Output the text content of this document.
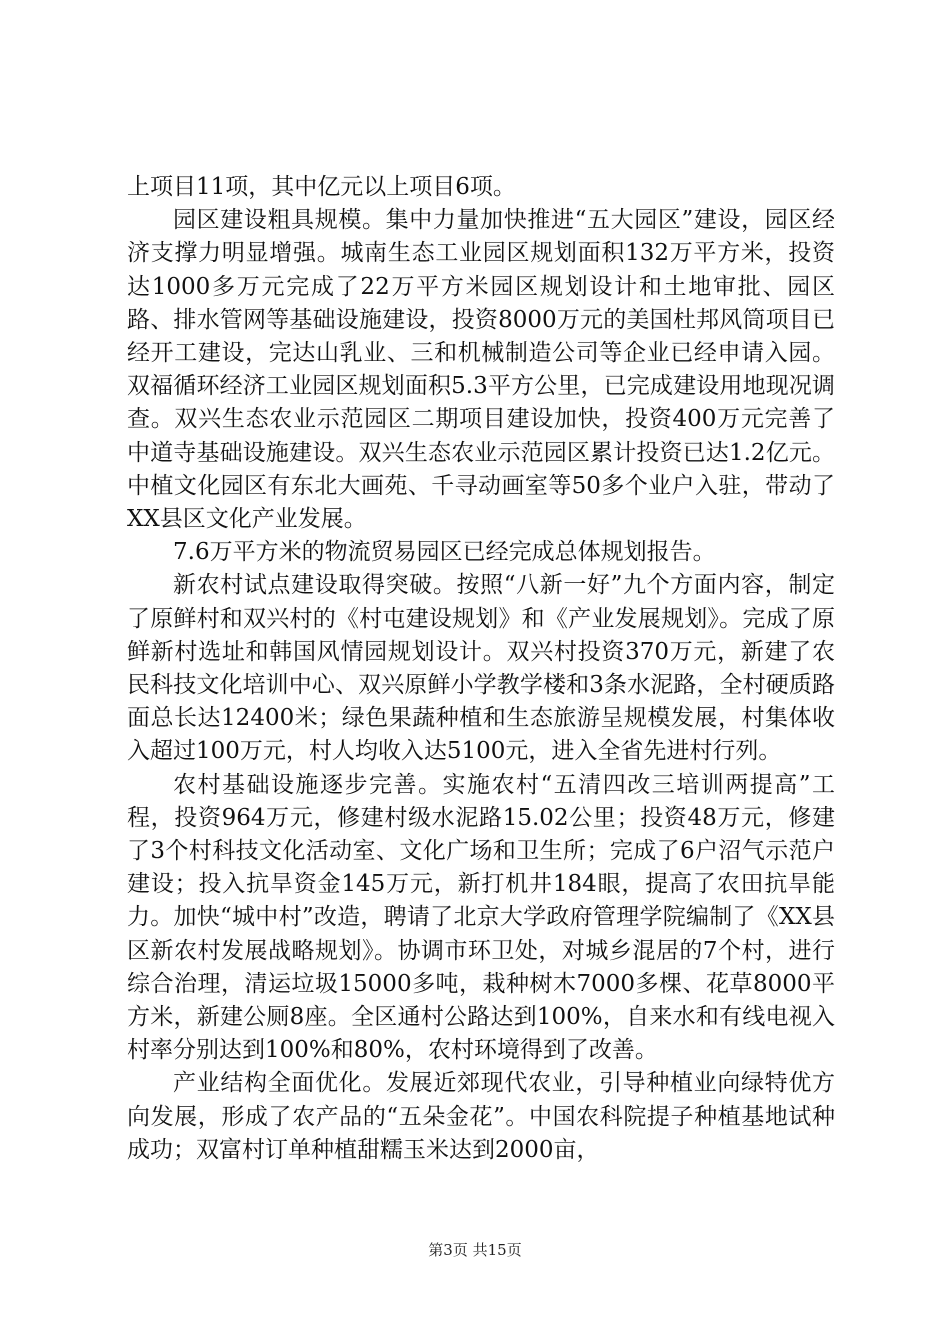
上项目11项，其中亿元以上项目6项。

园区建设粗具规模。集中力量加快推进“五大园区”建设，园区经济支撑力明显增强。城南生态工业园区规划面积132万平方米，投资达1000多万元完成了22万平方米园区规划设计和土地审批、园区路、排水管网等基础设施建设，投资8000万元的美国杜邦风筒项目已经开工建设，完达山乳业、三和机械制造公司等企业已经申请入园。双福循环经济工业园区规划面积5.3平方公里，已完成建设用地现况调查。双兴生态农业示范园区二期项目建设加快，投资400万元完善了中道寺基础设施建设。双兴生态农业示范园区累计投资已达1.2亿元。中植文化园区有东北大画苑、千寻动画室等50多个业户入驻，带动了XX县区文化产业发展。

7.6万平方米的物流贸易园区已经完成总体规划报告。

新农村试点建设取得突破。按照“八新一好”九个方面内容，制定了原鲜村和双兴村的《村屯建设规划》和《产业发展规划》。完成了原鲜新村选址和韩国风情园规划设计。双兴村投资370万元，新建了农民科技文化培训中心、双兴原鲜小学教学楼和3条水泥路，全村硬质路面总长达12400米；绿色果蔬种植和生态旅游呈规模发展，村集体收入超过100万元，村人均收入达5100元，进入全省先进村行列。

农村基础设施逐步完善。实施农村“五清四改三培训两提高”工程，投资964万元，修建村级水泥路15.02公里；投资48万元，修建了3个村科技文化活动室、文化广场和卫生所；完成了6户沼气示范户建设；投入抗旱资金145万元，新打机井184眼，提高了农田抗旱能力。加快“城中村”改造，聘请了北京大学政府管理学院编制了《XX县区新农村发展战略规划》。协调市环卫处，对城乡混居的7个村，进行综合治理，清运垃圾15000多吨，栽种树木7000多棵、花草8000平方米，新建公厕8座。全区通村公路达到100%，自来水和有线电视入村率分别达到100%和80%，农村环境得到了改善。

产业结构全面优化。发展近郊现代农业，引导种植业向绿特优方向发展，形成了农产品的“五朵金花”。中国农科院提子种植基地试种成功；双富村订单种植甜糯玉米达到2000亩，

第3页 共15页
